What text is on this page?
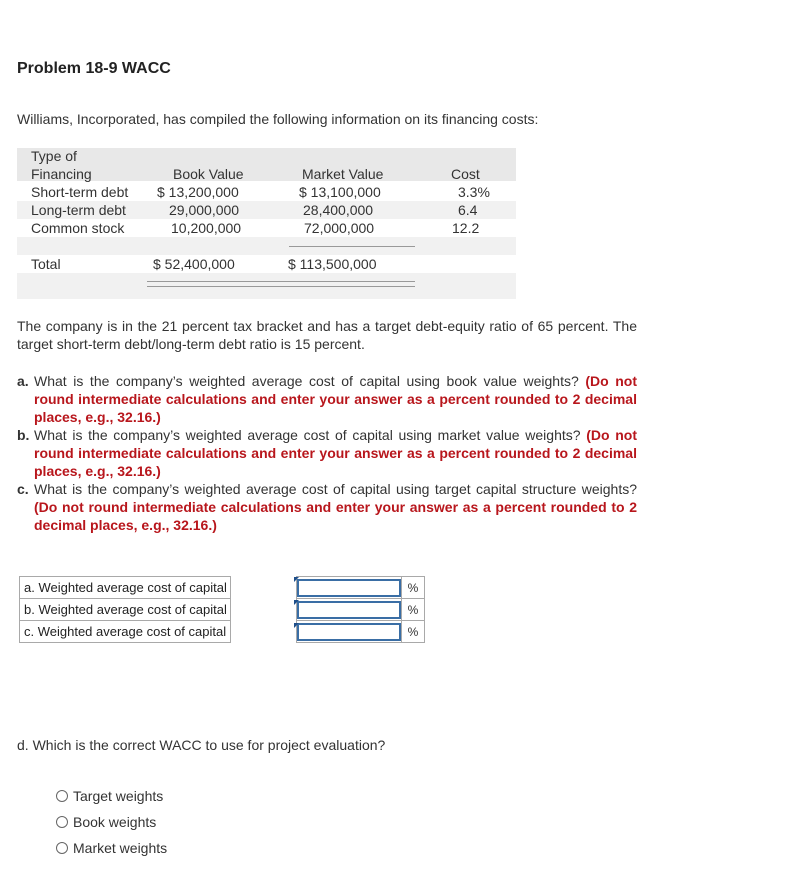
Problem 18-9 WACC
Williams, Incorporated, has compiled the following information on its financing costs:
Type of
Financing	Book Value	Market Value	Cost
Short-term debt $ 13,200,000	$ 13,100,000	3.3%
Long-term debt	29,000,000	28,400,000	6.4
Common stock	10,200,000	72,000,000	12.2
Total	$ 52,400,000	$ 113,500,000
The company is in the 21 percent tax bracket and has a target debt-equity ratio of 65 percent. The target short-term debt/long-term debt ratio is 15 percent.
a. What is the company’s weighted average cost of capital using book value weights? (Do not round intermediate calculations and enter your answer as a percent rounded to 2 decimal places, e.g., 32.16.)
b. What is the company’s weighted average cost of capital using market value weights? (Do not round intermediate calculations and enter your answer as a percent rounded to 2 decimal places, e.g., 32.16.)
c. What is the company’s weighted average cost of capital using target capital structure weights? (Do not round intermediate calculations and enter your answer as a percent rounded to 2 decimal places, e.g., 32.16.)
a. Weighted average cost of capital			%
b. Weighted average cost of capital			%
c. Weighted average cost of capital			%
d. Which is the correct WACC to use for project evaluation?
Target weights
Book weights
Market weights
